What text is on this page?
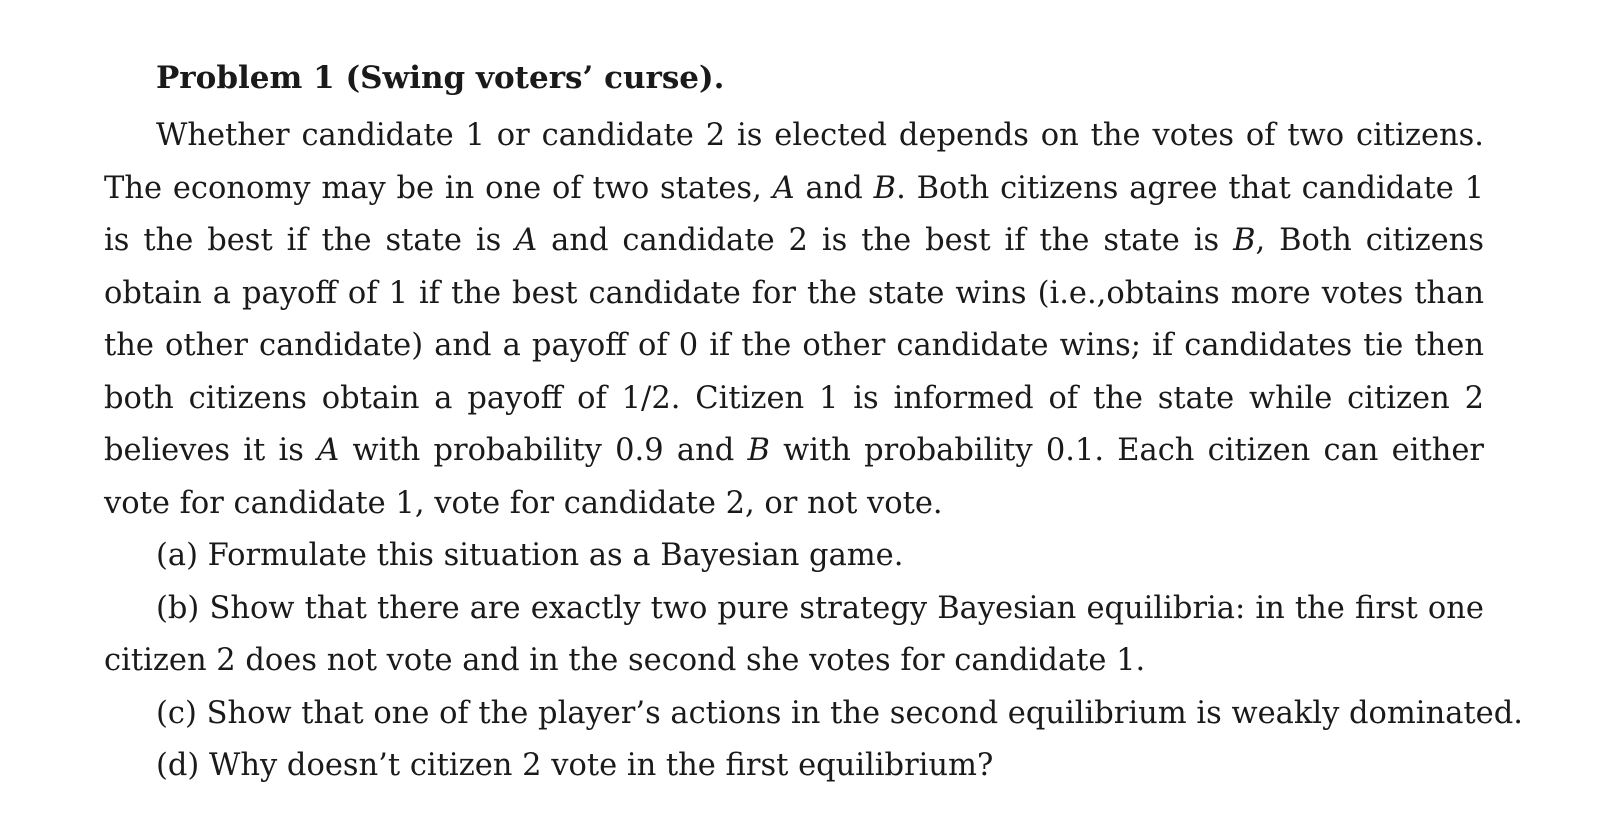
Problem 1 (Swing voters’ curse).

Whether candidate 1 or candidate 2 is elected depends on the votes of two citizens. The economy may be in one of two states, A and B. Both citizens agree that candidate 1 is the best if the state is A and candidate 2 is the best if the state is B, Both citizens obtain a payoff of 1 if the best candidate for the state wins (i.e.,obtains more votes than the other candidate) and a payoff of 0 if the other candidate wins; if candidates tie then both citizens obtain a payoff of 1/2. Citizen 1 is informed of the state while citizen 2 believes it is A with probability 0.9 and B with probability 0.1. Each citizen can either vote for candidate 1, vote for candidate 2, or not vote.

(a) Formulate this situation as a Bayesian game.

(b) Show that there are exactly two pure strategy Bayesian equilibria: in the first one citizen 2 does not vote and in the second she votes for candidate 1.

(c) Show that one of the player’s actions in the second equilibrium is weakly dominated.

(d) Why doesn’t citizen 2 vote in the first equilibrium?
